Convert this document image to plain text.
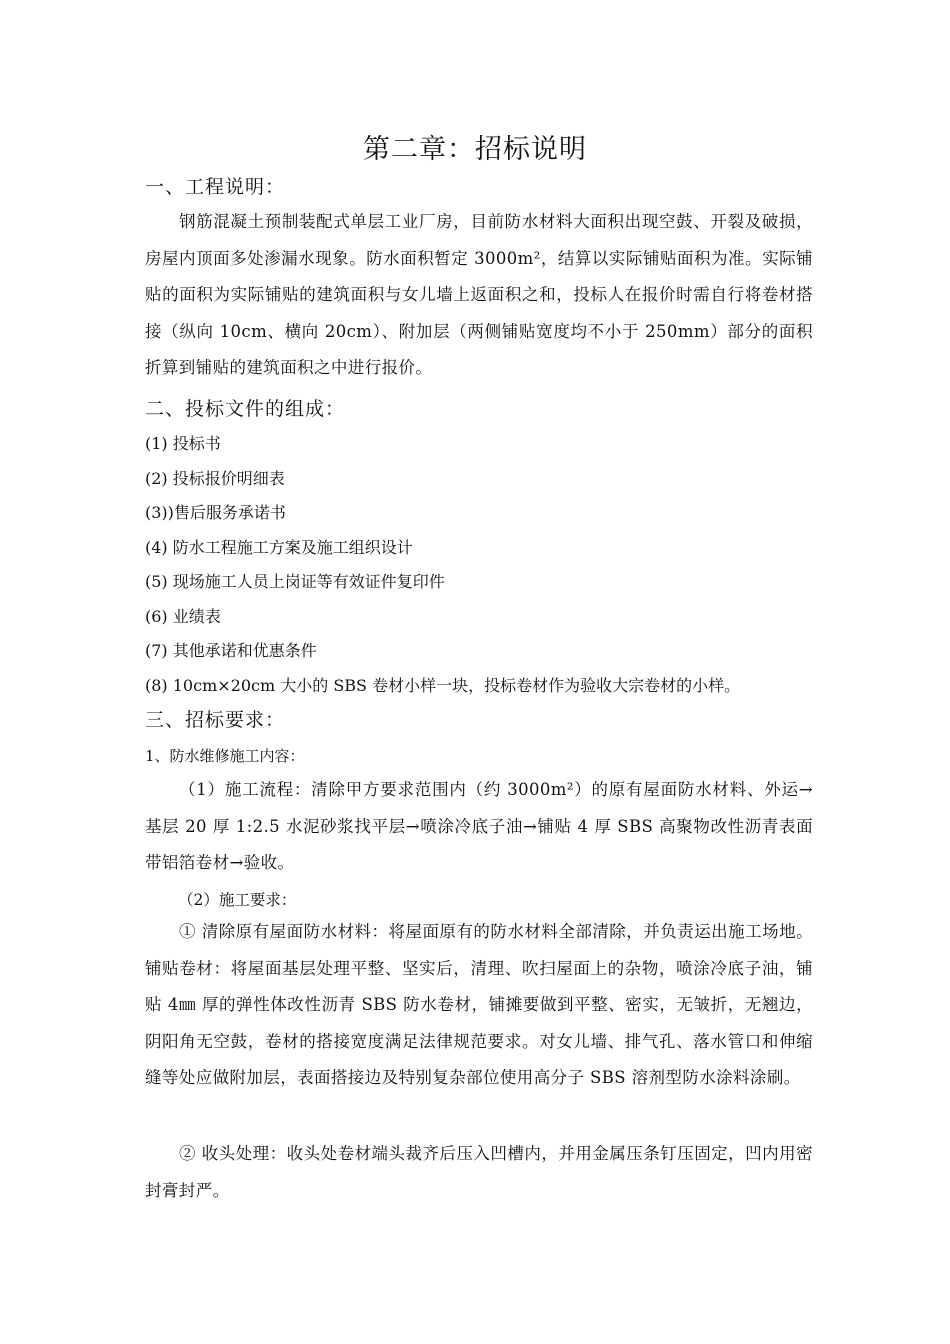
第二章：招标说明
一、工程说明：
钢筋混凝土预制装配式单层工业厂房，目前防水材料大面积出现空鼓、开裂及破损，房屋内顶面多处渗漏水现象。防水面积暂定 3000m²，结算以实际铺贴面积为准。实际铺贴的面积为实际铺贴的建筑面积与女儿墙上返面积之和，投标人在报价时需自行将卷材搭接（纵向 10cm、横向 20cm）、附加层（两侧铺贴宽度均不小于 250mm）部分的面积折算到铺贴的建筑面积之中进行报价。
二、投标文件的组成：
(1) 投标书
(2) 投标报价明细表
(3))售后服务承诺书
(4) 防水工程施工方案及施工组织设计
(5) 现场施工人员上岗证等有效证件复印件
(6) 业绩表
(7) 其他承诺和优惠条件
(8) 10cm×20cm 大小的 SBS 卷材小样一块，投标卷材作为验收大宗卷材的小样。
三、招标要求：
1、防水维修施工内容：
（1）施工流程：清除甲方要求范围内（约 3000m²）的原有屋面防水材料、外运→基层 20 厚 1:2.5 水泥砂浆找平层→喷涂冷底子油→铺贴 4 厚 SBS 高聚物改性沥青表面带铝箔卷材→验收。
（2）施工要求：
① 清除原有屋面防水材料：将屋面原有的防水材料全部清除，并负责运出施工场地。铺贴卷材：将屋面基层处理平整、坚实后，清理、吹扫屋面上的杂物，喷涂冷底子油，铺贴 4㎜ 厚的弹性体改性沥青 SBS 防水卷材，铺摊要做到平整、密实，无皱折，无翘边，阴阳角无空鼓，卷材的搭接宽度满足法律规范要求。对女儿墙、排气孔、落水管口和伸缩缝等处应做附加层，表面搭接边及特别复杂部位使用高分子 SBS 溶剂型防水涂料涂刷。
② 收头处理：收头处卷材端头裁齐后压入凹槽内，并用金属压条钉压固定，凹内用密封膏封严。
